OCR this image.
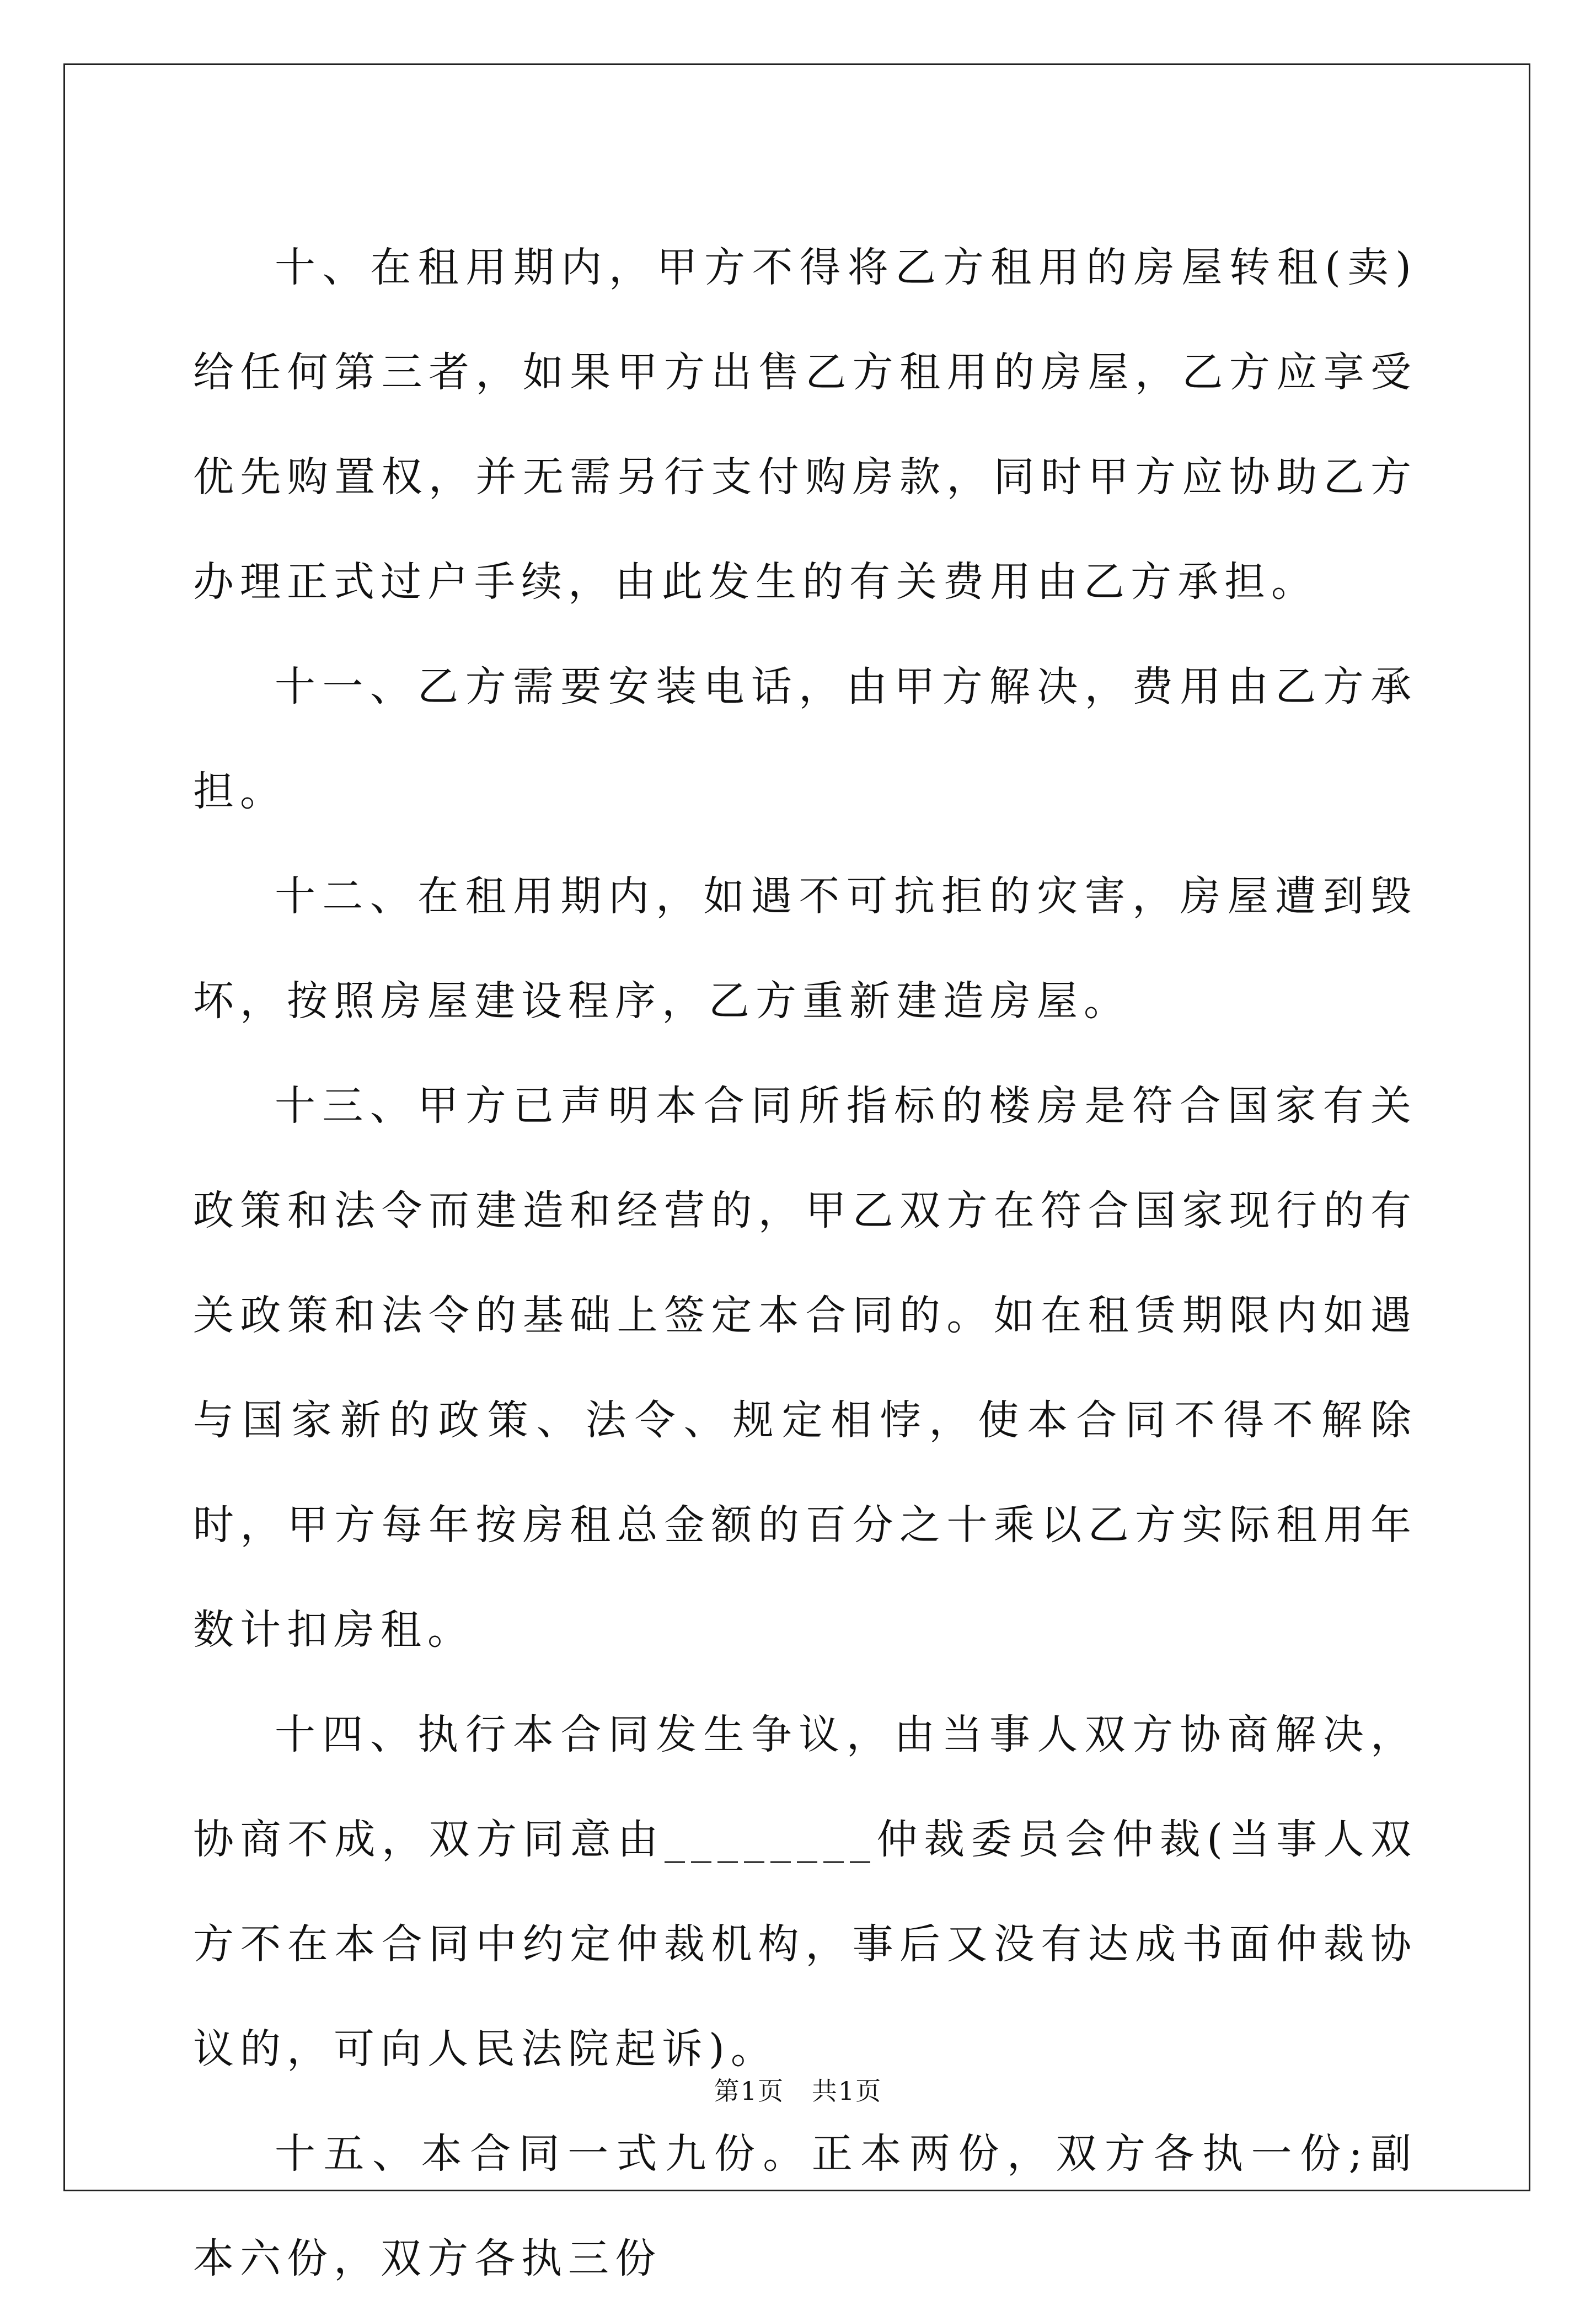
十、在租用期内，甲方不得将乙方租用的房屋转租(卖)给任何第三者，如果甲方出售乙方租用的房屋，乙方应享受优先购置权，并无需另行支付购房款，同时甲方应协助乙方办理正式过户手续，由此发生的有关费用由乙方承担。

十一、乙方需要安装电话，由甲方解决，费用由乙方承担。

十二、在租用期内，如遇不可抗拒的灾害，房屋遭到毁坏，按照房屋建设程序，乙方重新建造房屋。

十三、甲方已声明本合同所指标的楼房是符合国家有关政策和法令而建造和经营的，甲乙双方在符合国家现行的有关政策和法令的基础上签定本合同的。如在租赁期限内如遇与国家新的政策、法令、规定相悖，使本合同不得不解除时，甲方每年按房租总金额的百分之十乘以乙方实际租用年数计扣房租。

十四、执行本合同发生争议，由当事人双方协商解决，协商不成，双方同意由________仲裁委员会仲裁(当事人双方不在本合同中约定仲裁机构，事后又没有达成书面仲裁协议的，可向人民法院起诉)。

十五、本合同一式九份。正本两份，双方各执一份;副本六份，双方各执三份

第1页   共1页
